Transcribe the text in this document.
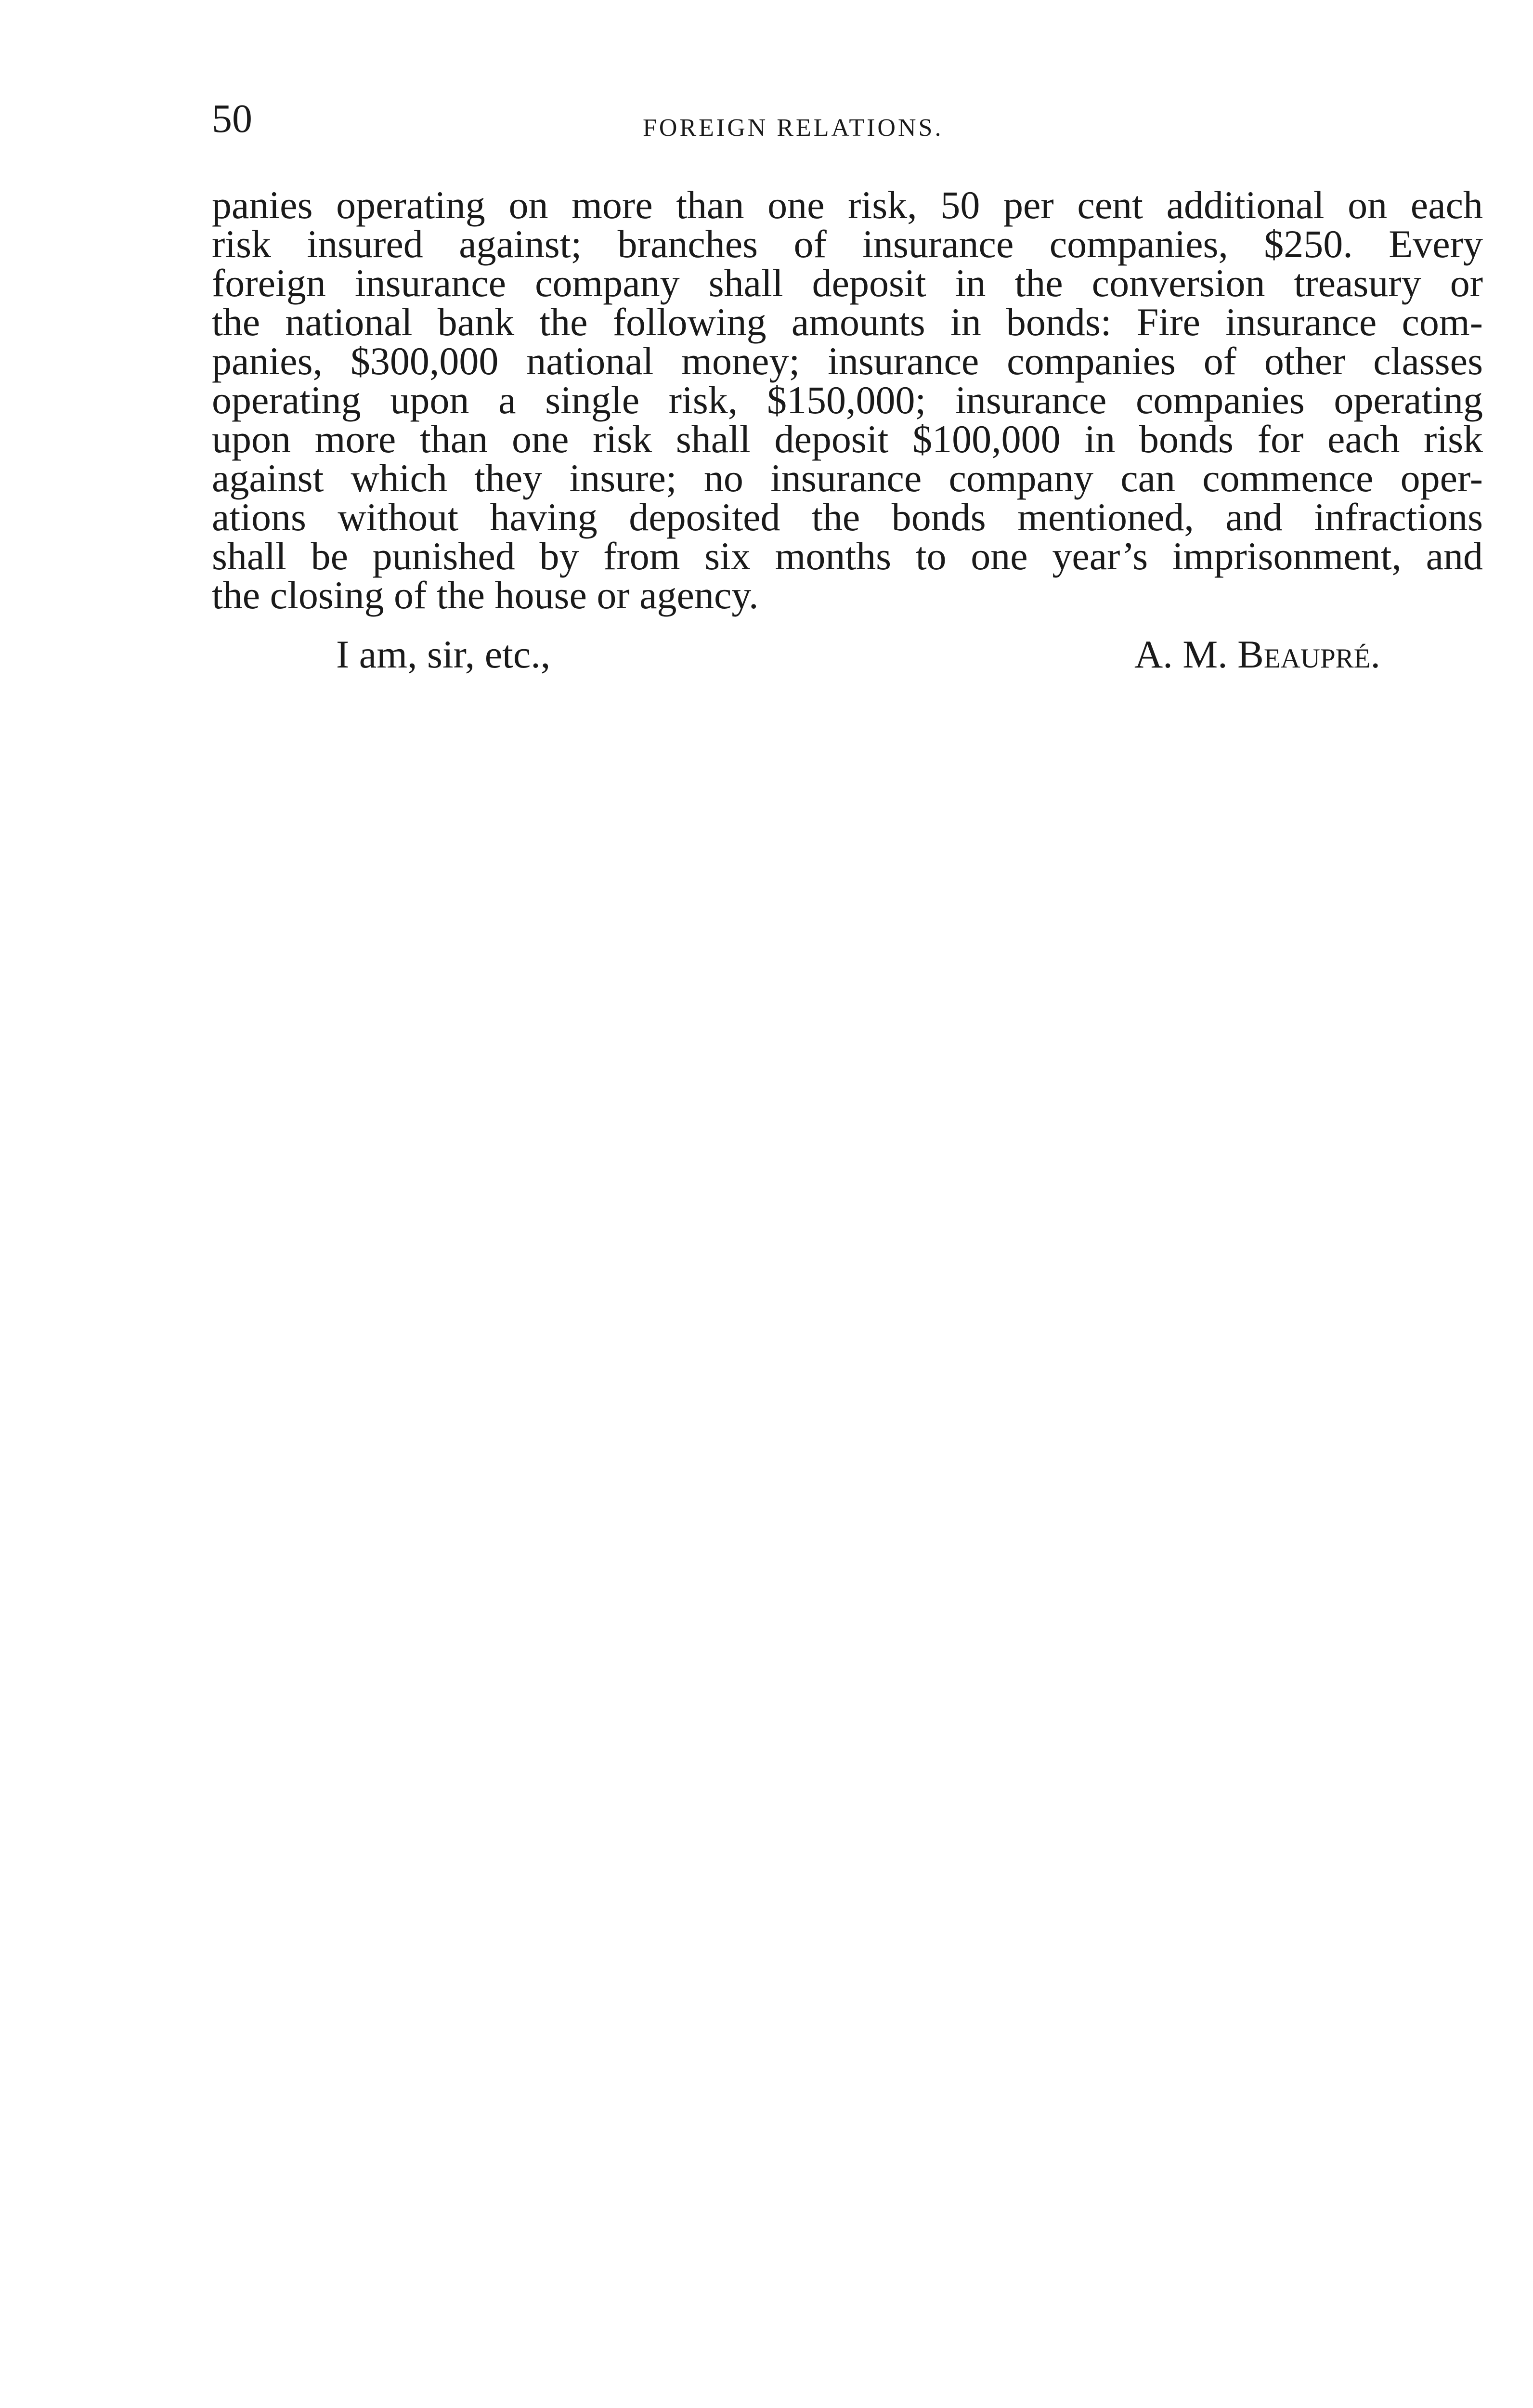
50	FOREIGN RELATIONS.
panies operating on more than one risk, 50 per cent additional on each
risk insured against; branches of insurance companies, $250. Every
foreign insurance company shall deposit in the conversion treasury or
the national bank the following amounts in bonds: Fire insurance com-
panies, $300,000 national money; insurance companies of other classes
operating upon a single risk, $150,000; insurance companies operating
upon more than one risk shall deposit $100,000 in bonds for each risk
against which they insure; no insurance company can commence oper-
ations without having deposited the bonds mentioned, and infractions
shall be punished by from six months to one year’s imprisonment, and
the closing of the house or agency.
I am, sir, etc.,	A. M. Beaupré.
